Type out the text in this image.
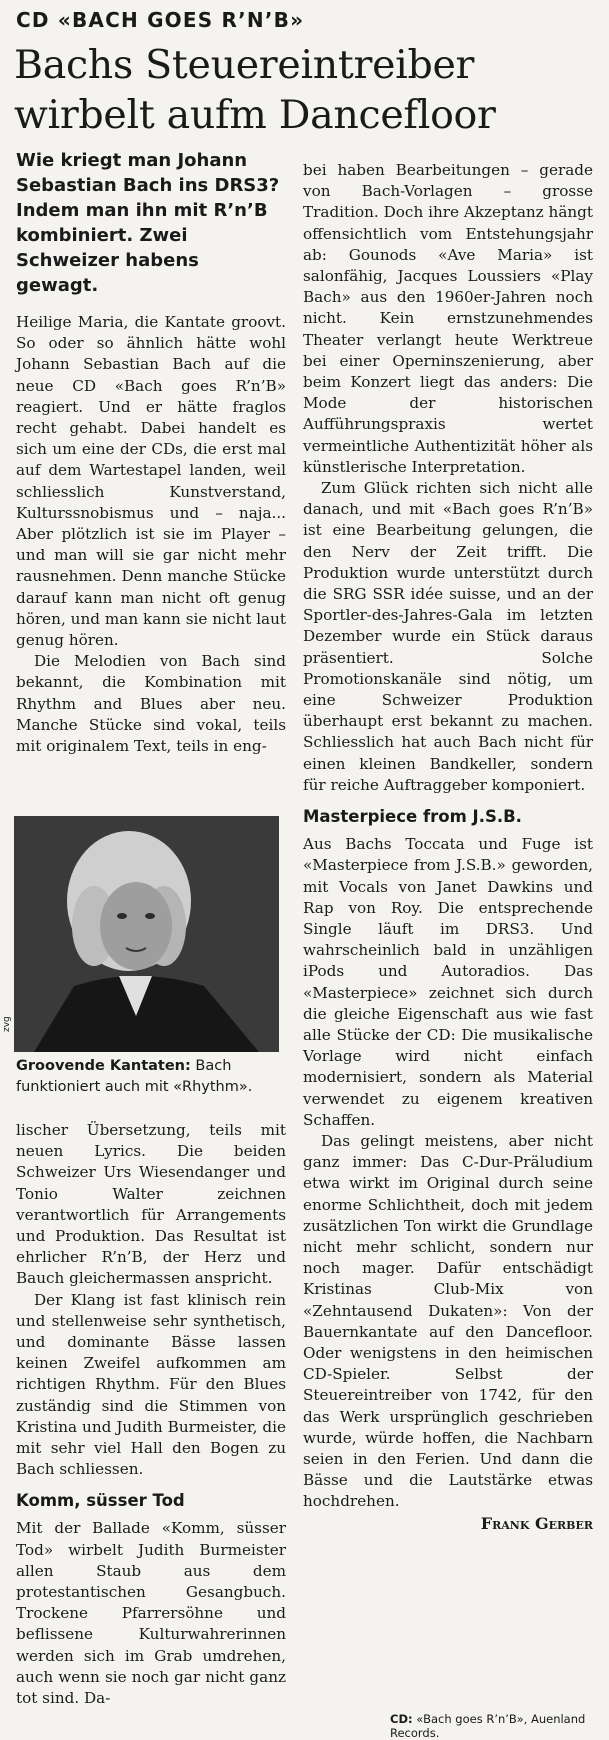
CD «BACH GOES R’N’B»
Bachs Steuereintreiber
wirbelt aufm Dancefloor

Wie kriegt man Johann Sebastian Bach ins DRS3? Indem man ihn mit R’n’B kombiniert. Zwei Schweizer habens gewagt.

Heilige Maria, die Kantate groovt. So oder so ähnlich hätte wohl Johann Sebastian Bach auf die neue CD «Bach goes R’n’B» reagiert. Und er hätte fraglos recht gehabt. Dabei handelt es sich um eine der CDs, die erst mal auf dem Wartestapel landen, weil schliesslich Kunstverstand, Kulturssnobismus und – naja... Aber plötzlich ist sie im Player – und man will sie gar nicht mehr rausnehmen. Denn manche Stücke darauf kann man nicht oft genug hören, und man kann sie nicht laut genug hören.

Die Melodien von Bach sind bekannt, die Kombination mit Rhythm and Blues aber neu. Manche Stücke sind vokal, teils mit originalem Text, teils in eng-

zvg
Groovende Kantaten: Bach funktioniert auch mit «Rhythm».

lischer Übersetzung, teils mit neuen Lyrics. Die beiden Schweizer Urs Wiesendanger und Tonio Walter zeichnen verantwortlich für Arrangements und Produktion. Das Resultat ist ehrlicher R’n’B, der Herz und Bauch gleichermassen anspricht.

Der Klang ist fast klinisch rein und stellenweise sehr synthetisch, und dominante Bässe lassen keinen Zweifel aufkommen am richtigen Rhythm. Für den Blues zuständig sind die Stimmen von Kristina und Judith Burmeister, die mit sehr viel Hall den Bogen zu Bach schliessen.

Komm, süsser Tod

Mit der Ballade «Komm, süsser Tod» wirbelt Judith Burmeister allen Staub aus dem protestantischen Gesangbuch. Trockene Pfarrersöhne und beflissene Kulturwahrerinnen werden sich im Grab umdrehen, auch wenn sie noch gar nicht ganz tot sind. Da-

bei haben Bearbeitungen – gerade von Bach-Vorlagen – grosse Tradition. Doch ihre Akzeptanz hängt offensichtlich vom Entstehungsjahr ab: Gounods «Ave Maria» ist salonfähig, Jacques Loussiers «Play Bach» aus den 1960er-Jahren noch nicht. Kein ernstzunehmendes Theater verlangt heute Werktreue bei einer Operninszenierung, aber beim Konzert liegt das anders: Die Mode der historischen Aufführungspraxis wertet vermeintliche Authentizität höher als künstlerische Interpretation.

Zum Glück richten sich nicht alle danach, und mit «Bach goes R’n’B» ist eine Bearbeitung gelungen, die den Nerv der Zeit trifft. Die Produktion wurde unterstützt durch die SRG SSR idée suisse, und an der Sportler-des-Jahres-Gala im letzten Dezember wurde ein Stück daraus präsentiert. Solche Promotionskanäle sind nötig, um eine Schweizer Produktion überhaupt erst bekannt zu machen. Schliesslich hat auch Bach nicht für einen kleinen Bandkeller, sondern für reiche Auftraggeber komponiert.

Masterpiece from J.S.B.

Aus Bachs Toccata und Fuge ist «Masterpiece from J.S.B.» geworden, mit Vocals von Janet Dawkins und Rap von Roy. Die entsprechende Single läuft im DRS3. Und wahrscheinlich bald in unzähligen iPods und Autoradios. Das «Masterpiece» zeichnet sich durch die gleiche Eigenschaft aus wie fast alle Stücke der CD: Die musikalische Vorlage wird nicht einfach modernisiert, sondern als Material verwendet zu eigenem kreativen Schaffen.

Das gelingt meistens, aber nicht ganz immer: Das C-Dur-Präludium etwa wirkt im Original durch seine enorme Schlichtheit, doch mit jedem zusätzlichen Ton wirkt die Grundlage nicht mehr schlicht, sondern nur noch mager. Dafür entschädigt Kristinas Club-Mix von «Zehntausend Dukaten»: Von der Bauernkantate auf den Dancefloor. Oder wenigstens in den heimischen CD-Spieler. Selbst der Steuereintreiber von 1742, für den das Werk ursprünglich geschrieben wurde, würde hoffen, die Nachbarn seien in den Ferien. Und dann die Bässe und die Lautstärke etwas hochdrehen.

Frank Gerber
CD: «Bach goes R’n’B», Auenland Records.
